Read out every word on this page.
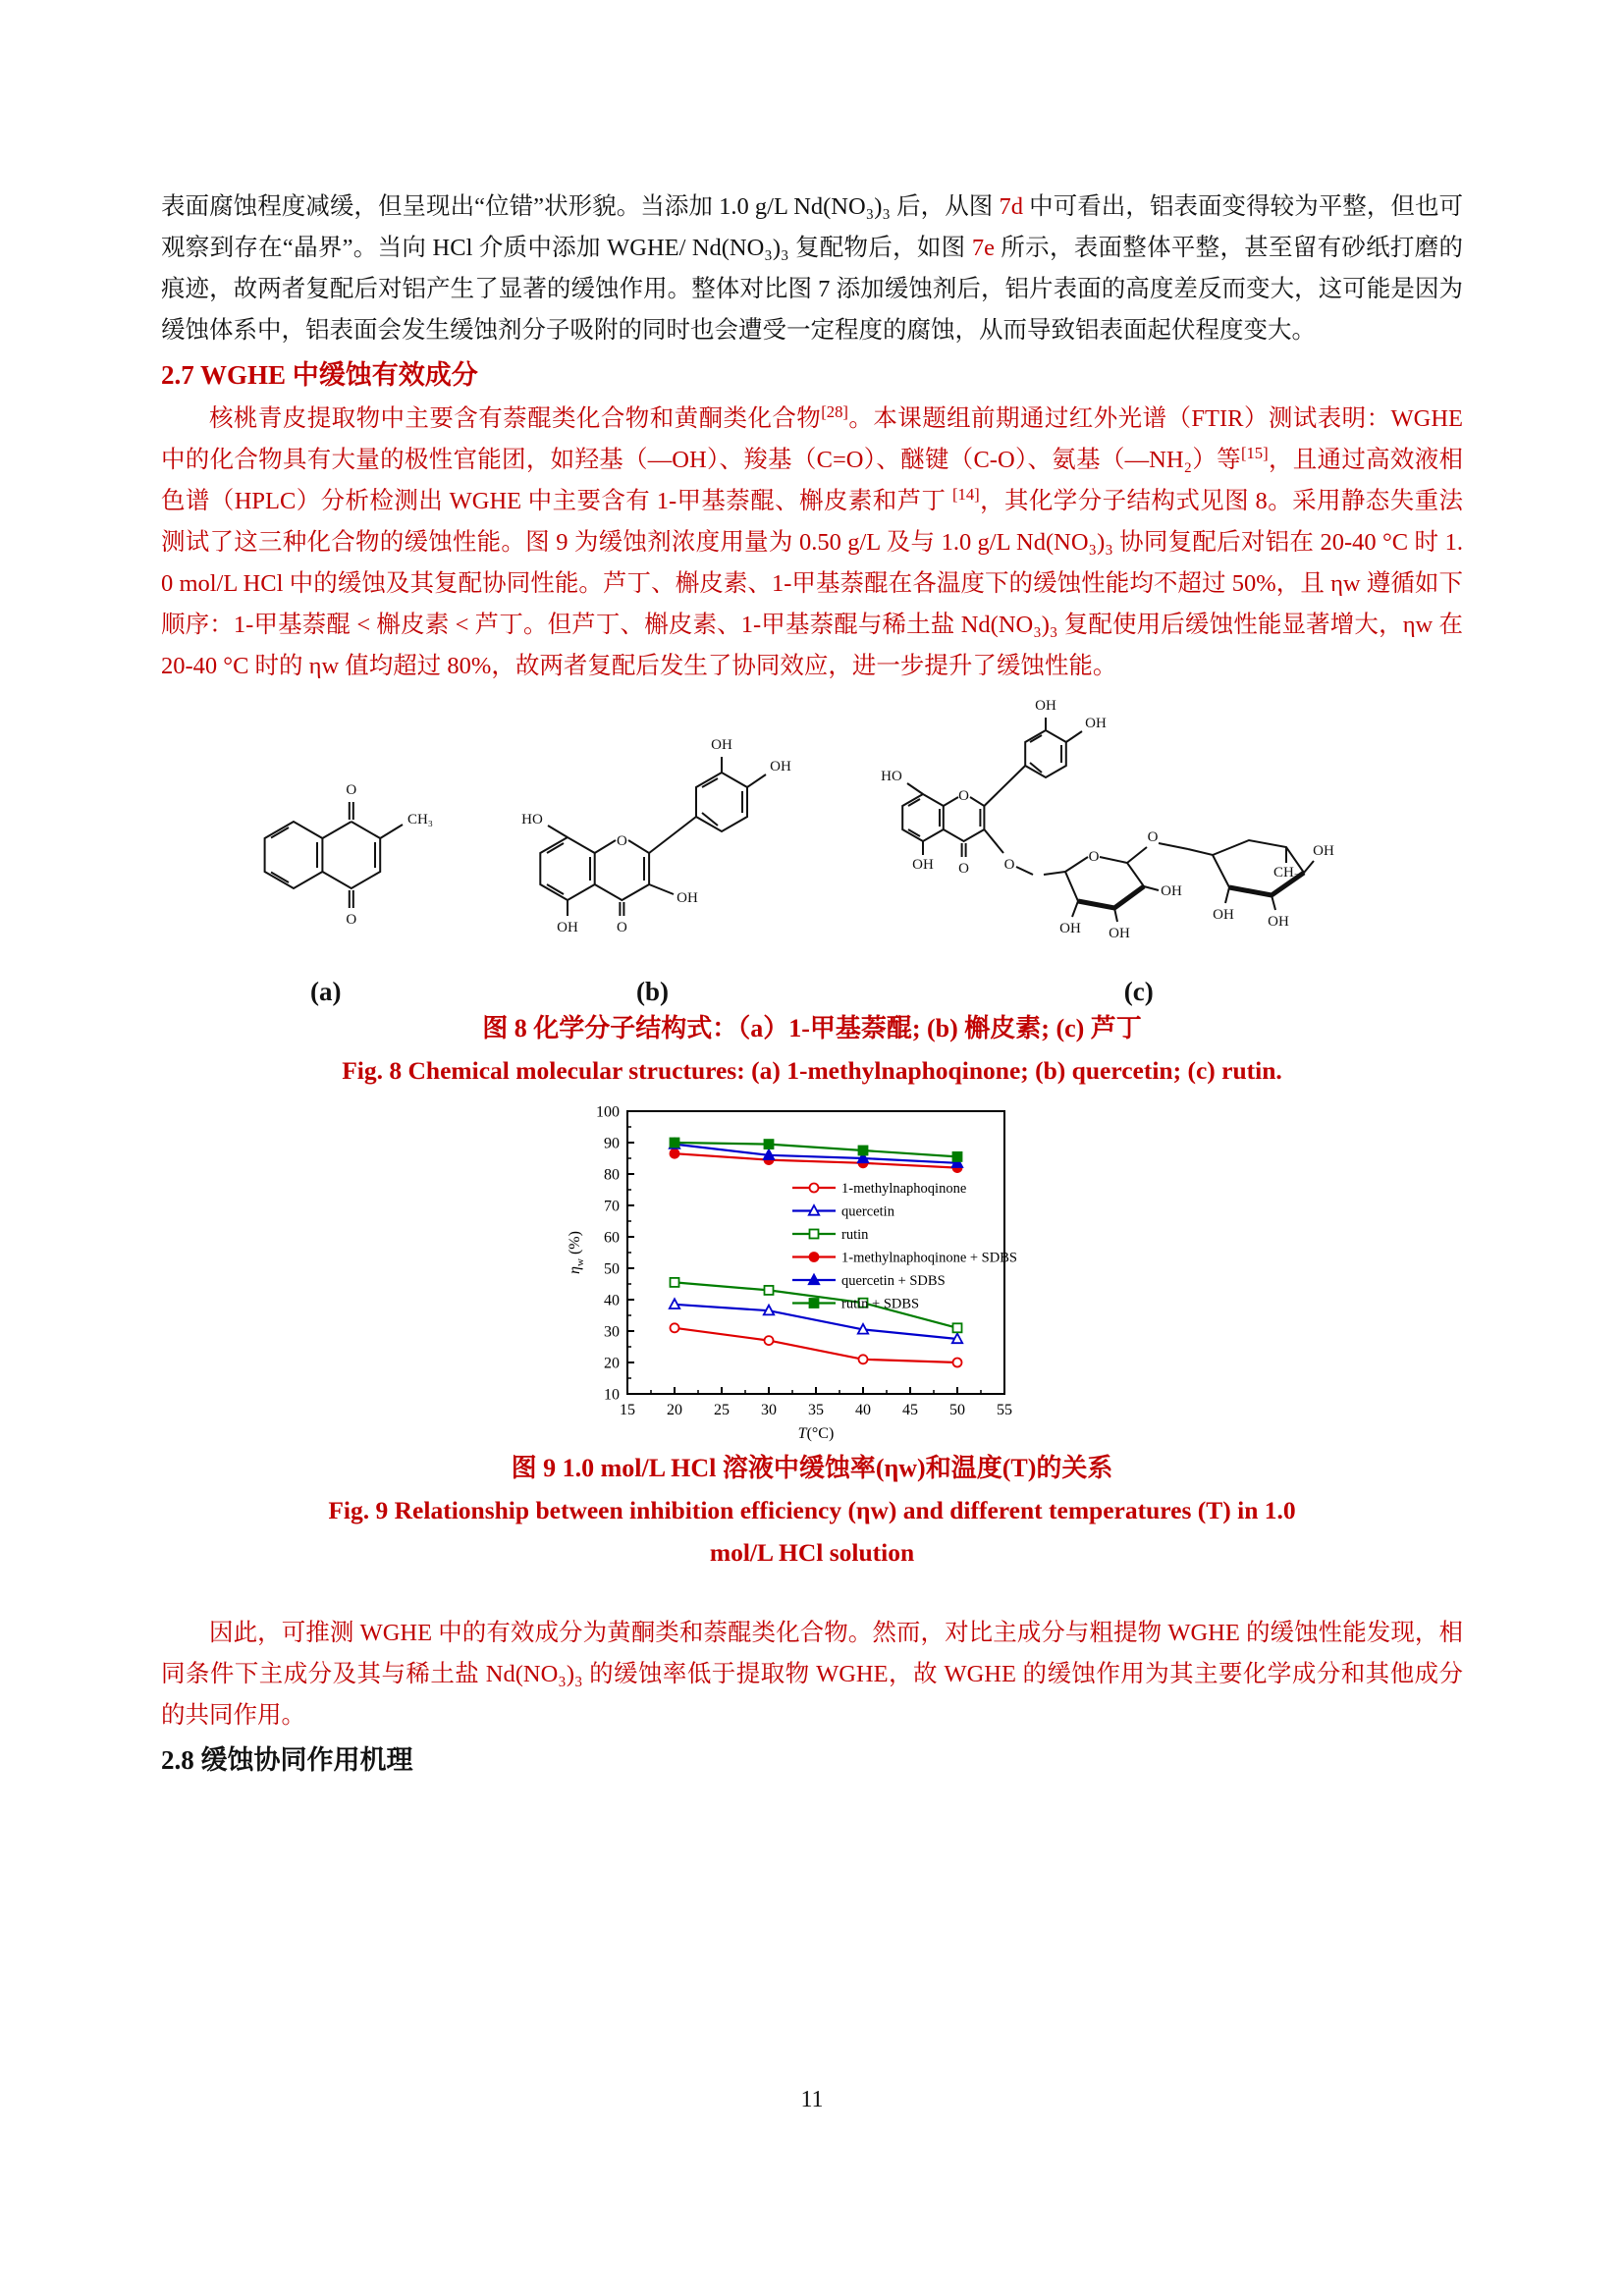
表面腐蚀程度减缓，但呈现出“位错”状形貌。当添加 1.0 g/L Nd(NO₃)₃ 后，从图 7d 中可看出，铝表面变得较为平整，但也可观察到存在“晶界”。当向 HCl 介质中添加 WGHE/ Nd(NO₃)₃ 复配物后，如图 7e 所示，表面整体平整，甚至留有砂纸打磨的痕迹，故两者复配后对铝产生了显著的缓蚀作用。整体对比图 7 添加缓蚀剂后，铝片表面的高度差反而变大，这可能是因为缓蚀体系中，铝表面会发生缓蚀剂分子吸附的同时也会遭受一定程度的腐蚀，从而导致铝表面起伏程度变大。

2.7 WGHE 中缓蚀有效成分

核桃青皮提取物中主要含有萘醌类化合物和黄酮类化合物[28]。本课题组前期通过红外光谱（FTIR）测试表明：WGHE 中的化合物具有大量的极性官能团，如羟基（—OH）、羧基（C=O）、醚键（C-O）、氨基（—NH₂）等[15]，且通过高效液相色谱（HPLC）分析检测出 WGHE 中主要含有 1-甲基萘醌、槲皮素和芦丁 [14]，其化学分子结构式见图 8。采用静态失重法测试了这三种化合物的缓蚀性能。图 9 为缓蚀剂浓度用量为 0.50 g/L 及与 1.0 g/L Nd(NO₃)₃ 协同复配后对铝在 20-40 °C 时 1.0 mol/L HCl 中的缓蚀及其复配协同性能。芦丁、槲皮素、1-甲基萘醌在各温度下的缓蚀性能均不超过 50%，且 ηw 遵循如下顺序：1-甲基萘醌 < 槲皮素 < 芦丁。但芦丁、槲皮素、1-甲基萘醌与稀土盐 Nd(NO₃)₃ 复配使用后缓蚀性能显著增大，ηw 在 20-40 °C 时的 ηw 值均超过 80%，故两者复配后发生了协同效应，进一步提升了缓蚀性能。

O
O
CH₃
(a)
HO
O
OH
O
OH
OH
OH
(b)
HO
O
OH O
OH
OH
O	O
OH OH
OH
O
OH
CH₃
OH OH
(c)

图 8 化学分子结构式：（a）1-甲基萘醌; (b) 槲皮素; (c) 芦丁

Fig. 8 Chemical molecular structures: (a) 1-methylnaphoqinone; (b) quercetin; (c) rutin.

15 20 25 30 35 40 45 50 55
10
20
30
40
50
60
70
80
90
100
T(°C)
$\eta_w$ (%)
1-methylnaphoqinone
quercetin
rutin
1-methylnaphoqinone + SDBS
quercetin + SDBS
rutin + SDBS

图 9 1.0 mol/L HCl 溶液中缓蚀率(ηw)和温度(T)的关系

Fig. 9 Relationship between inhibition efficiency (ηw) and different temperatures (T) in 1.0

mol/L HCl solution

因此，可推测 WGHE 中的有效成分为黄酮类和萘醌类化合物。然而，对比主成分与粗提物 WGHE 的缓蚀性能发现，相同条件下主成分及其与稀土盐 Nd(NO₃)₃ 的缓蚀率低于提取物 WGHE，故 WGHE 的缓蚀作用为其主要化学成分和其他成分的共同作用。

2.8 缓蚀协同作用机理
11
